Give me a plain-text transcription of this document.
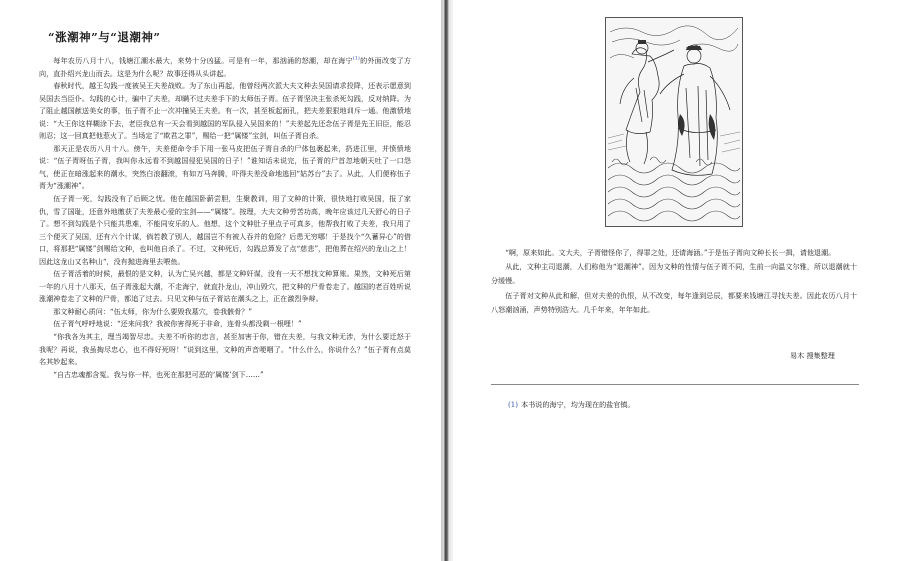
“涨潮神”与“退潮神”

每年农历八月十八，钱塘江潮水最大，来势十分凶猛。可是有一年，那汹涌的怒潮，却在海宁$^{(1)}$的外面改变了方向，直扑绍兴龙山而去。这是为什么呢？故事还得从头讲起。

春秋时代，越王勾践一度被吴王夫差战败。为了东山再起，他曾经两次派大夫文种去吴国请求投降，还表示愿意到吴国去当臣仆。勾践的心计，骗中了夫差，却瞒不过夫差手下的太师伍子胥。伍子胥坚决主张杀死勾践，反对纳降。为了阻止越国献送美女的事，伍子胥不止一次冲撞吴王夫差。有一次，甚至板起面孔，把夫差狠狠地训斥一通。他激愤地说：“大王你这样糊涂下去，老臣我总有一天会看到越国的军队侵入吴国来的！”夫差起先还念伍子胥是先王旧臣，能忍则忍；这一回真把他惹火了。当场定了“欺君之罪”，赐给一把“属镂”宝剑，叫伍子胥自杀。

那天正是农历八月十八。傍午，夫差便命令手下用一张马皮把伍子胥自杀的尸体包裹起来，扔进江里，并愤愤地说：“伍子胥呀伍子胥，我叫你永远看不到越国侵犯吴国的日子！”谁知话未说完，伍子胥的尸首忽地朝天吐了一口怨气，使正在暗涨起来的潮水，突然白浪翻滚，有如万马奔腾，吓得夫差没命地逃回“姑苏台”去了。从此，人们便称伍子胥为“涨潮神”。

伍子胥一死，勾践没有了后顾之忧。他在越国卧薪尝胆，生聚教训，用了文种的计策，很快地打败吴国，报了家仇，雪了国耻，还意外地缴获了夫差最心爱的宝剑——“属镂”。按理，大夫文种劳苦功高，晚年应该过几天舒心的日子了。想不到勾践是个只能共患难，不能同安乐的人。他想，这个文种肚子里点子可真多，他帮我打败了夫差，我只用了三个便灭了吴国，还有六个计谋，倘若教了别人，越国岂不有被人吞并的危险？后患无穷哪！于是找个“久蓄异心”的借口，将那把“属镂”剑赐给文种，也叫他自杀了。不过，文种死后，勾践总算发了点“慈悲”，把他葬在绍兴的龙山之上！因此这龙山又名种山“，没有抛进海里去喂鱼。

伍子胥活着的时候，最恨的是文种，认为亡吴兴越，都是文种奸谋，没有一天不想找文种算账。果然，文种死后第一年的八月十八那天，伍子胥涨起大潮，不走海宁，就直扑龙山，冲山毁穴，把文种的尸骨卷走了。越国的老百姓听说涨潮神卷走了文种的尸骨，都追了过去。只见文种与伍子胥站在潮头之上，正在激烈争辩。

那文种耐心质问：“伍太师，你为什么要毁我墓穴，卷我骸骨？”

伍子胥气呼呼地说：“还来问我？我被你害得死于非命，连骨头都没剩一根哩！”

“你我各为其主，理当竭智尽忠。夫差不听你的忠言，甚至加害于你，错在夫差，与我文种无涉，为什么要迁怒于我呢？再说，我虽掏尽忠心，也不得好死呀！”说到这里，文种的声音哽咽了。“什么什么，你说什么？”伍子胥有点莫名其妙起来。

“自古忠魂都含冤。我与你一样，也死在那把可恶的‘属镂’剑下……”

“啊，原来如此。文大夫，子胥错怪你了，得罪之处，还请海涵。”于是伍子胥向文种长长一揖，请他退潮。

从此，文种主司退潮，人们称他为“退潮神”。因为文种的性情与伍子胥不同，生前一向温文尔雅，所以退潮就十分缓慢。

伍子胥对文种从此和解，但对夫差的仇恨，从不改变，每年逢到忌辰，都要来钱塘江寻找夫差。因此农历八月十八怒潮汹涌，声势特别浩大。几千年来，年年如此。

易木 搜集整理
(1) 本书说的海宁，均为现在的盐官镇。
